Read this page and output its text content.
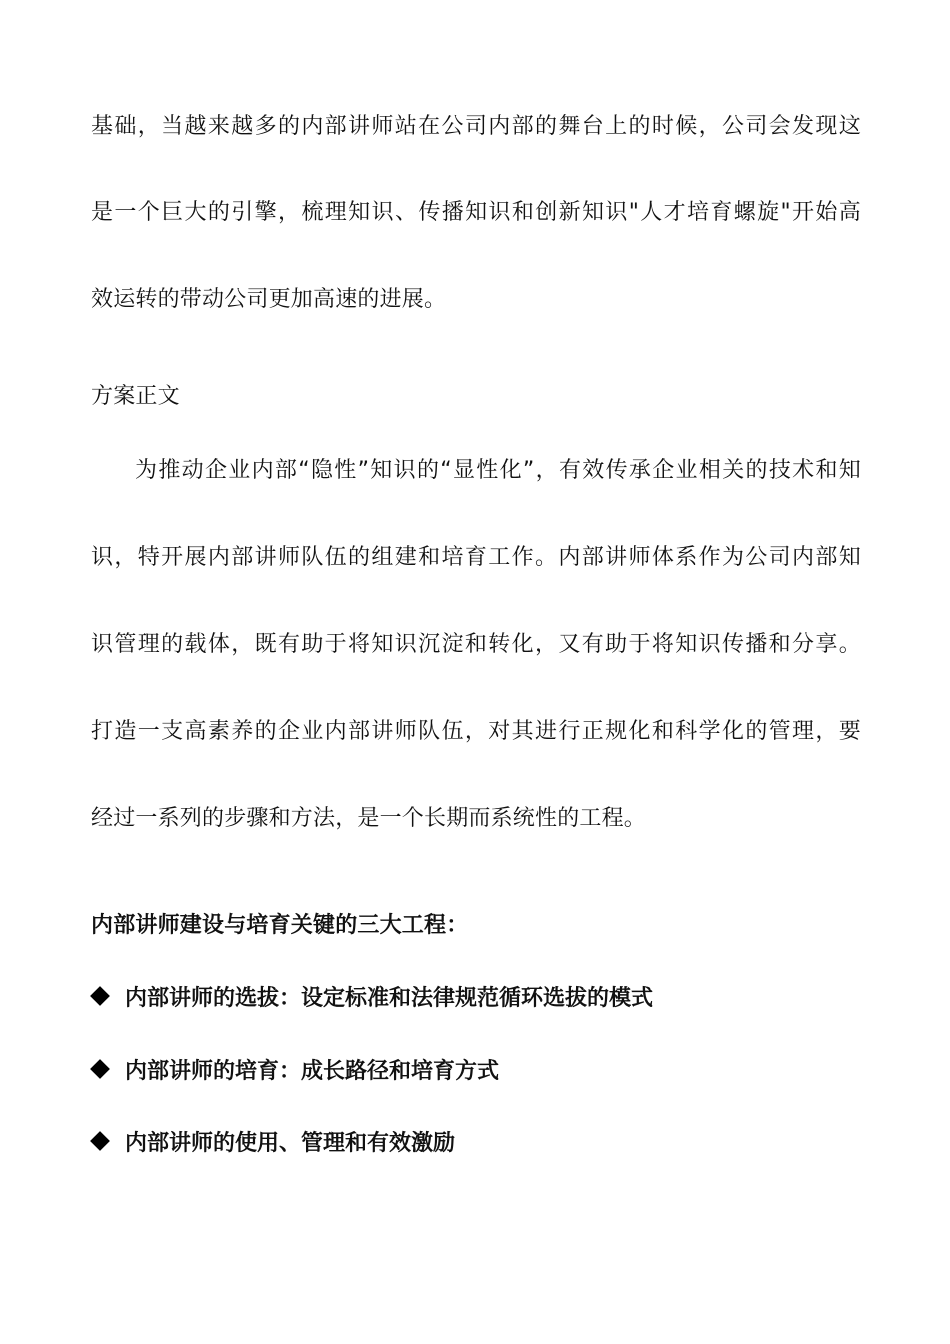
基础，当越来越多的内部讲师站在公司内部的舞台上的时候，公司会发现这
是一个巨大的引擎，梳理知识、传播知识和创新知识"人才培育螺旋"开始高
效运转的带动公司更加高速的进展。
方案正文
为推动企业内部“隐性”知识的“显性化”，有效传承企业相关的技术和知
识，特开展内部讲师队伍的组建和培育工作。内部讲师体系作为公司内部知
识管理的载体，既有助于将知识沉淀和转化，又有助于将知识传播和分享。
打造一支高素养的企业内部讲师队伍，对其进行正规化和科学化的管理，要
经过一系列的步骤和方法，是一个长期而系统性的工程。
内部讲师建设与培育关键的三大工程：
内部讲师的选拔：设定标准和法律规范循环选拔的模式
内部讲师的培育：成长路径和培育方式
内部讲师的使用、管理和有效激励
